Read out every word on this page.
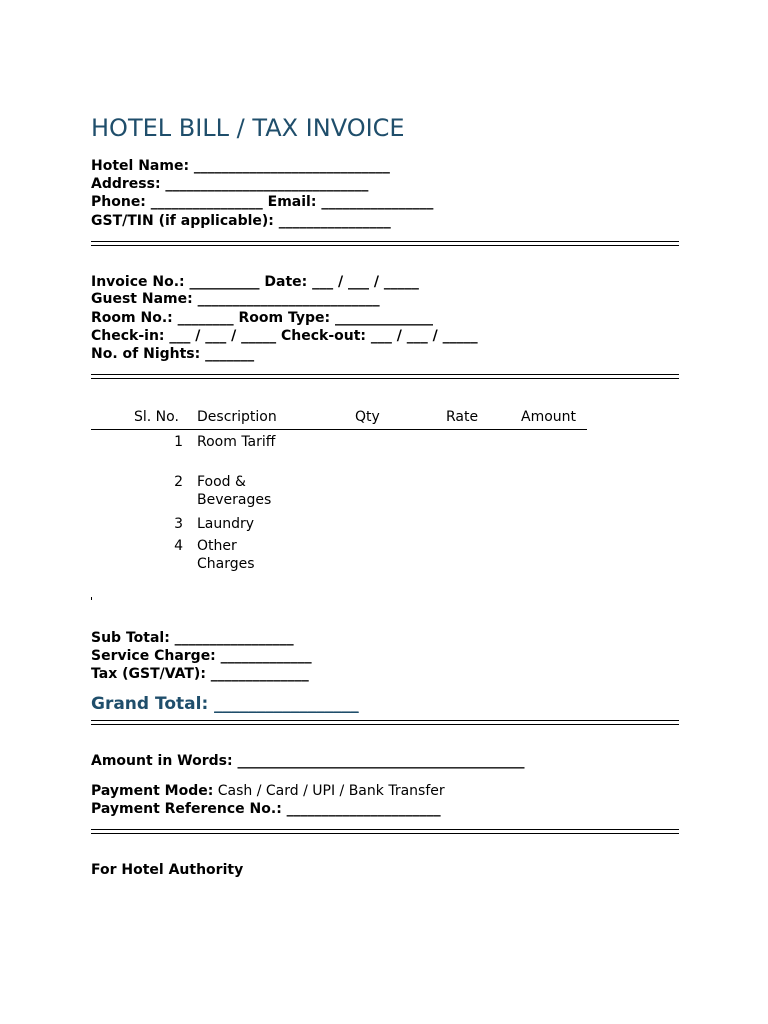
HOTEL BILL / TAX INVOICE
Hotel Name: ____________________________
Address: _____________________________
Phone: ________________ Email: ________________
GST/TIN (if applicable): ________________
Invoice No.: __________ Date: ___ / ___ / _____
Guest Name: __________________________
Room No.: ________ Room Type: ______________
Check-in: ___ / ___ / _____ Check-out: ___ / ___ / _____
No. of Nights: _______
Sl. No. Description	Qty	Rate	Amount
1 Room Tariff
2 Food & Beverages
3 Laundry
4 Other Charges
Sub Total: _________________
Service Charge: _____________
Tax (GST/VAT): ______________
Grand Total: _________________
Amount in Words: _________________________________________
Payment Mode: Cash / Card / UPI / Bank Transfer
Payment Reference No.: ______________________
For Hotel Authority
